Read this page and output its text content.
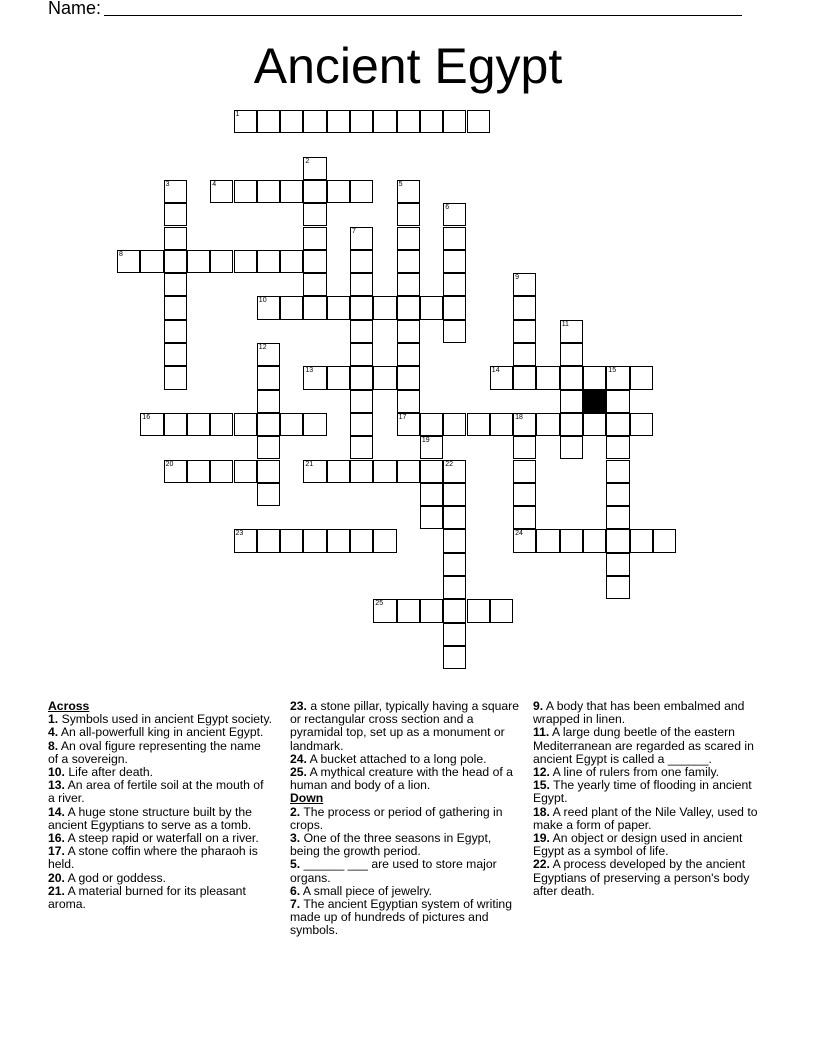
Name:
Ancient Egypt
1
4
8
10
13	14	15
16	17	18
20	21
23	24
25
2
3	5
6
7
9
11
12
19
22
Across
1. Symbols used in ancient Egypt society.
4. An all-powerfull king in ancient Egypt.
8. An oval figure representing the name of a sovereign.
10. Life after death.
13. An area of fertile soil at the mouth of a river.
14. A huge stone structure built by the ancient Egyptians to serve as a tomb.
16. A steep rapid or waterfall on a river.
17. A stone coffin where the pharaoh is held.
20. A god or goddess.
21. A material burned for its pleasant aroma.
23. a stone pillar, typically having a square or rectangular cross section and a pyramidal top, set up as a monument or landmark.
24. A bucket attached to a long pole.
25. A mythical creature with the head of a human and body of a lion.
Down
2. The process or period of gathering in crops.
3. One of the three seasons in Egypt, being the growth period.
5. ______ ___ are used to store major organs.
6. A small piece of jewelry.
7. The ancient Egyptian system of writing made up of hundreds of pictures and symbols.
9. A body that has been embalmed and wrapped in linen.
11. A large dung beetle of the eastern Mediterranean are regarded as scared in ancient Egypt is called a ______.
12. A line of rulers from one family.
15. The yearly time of flooding in ancient Egypt.
18. A reed plant of the Nile Valley, used to make a form of paper.
19. An object or design used in ancient Egypt as a symbol of life.
22. A process developed by the ancient Egyptians of preserving a person's body after death.
